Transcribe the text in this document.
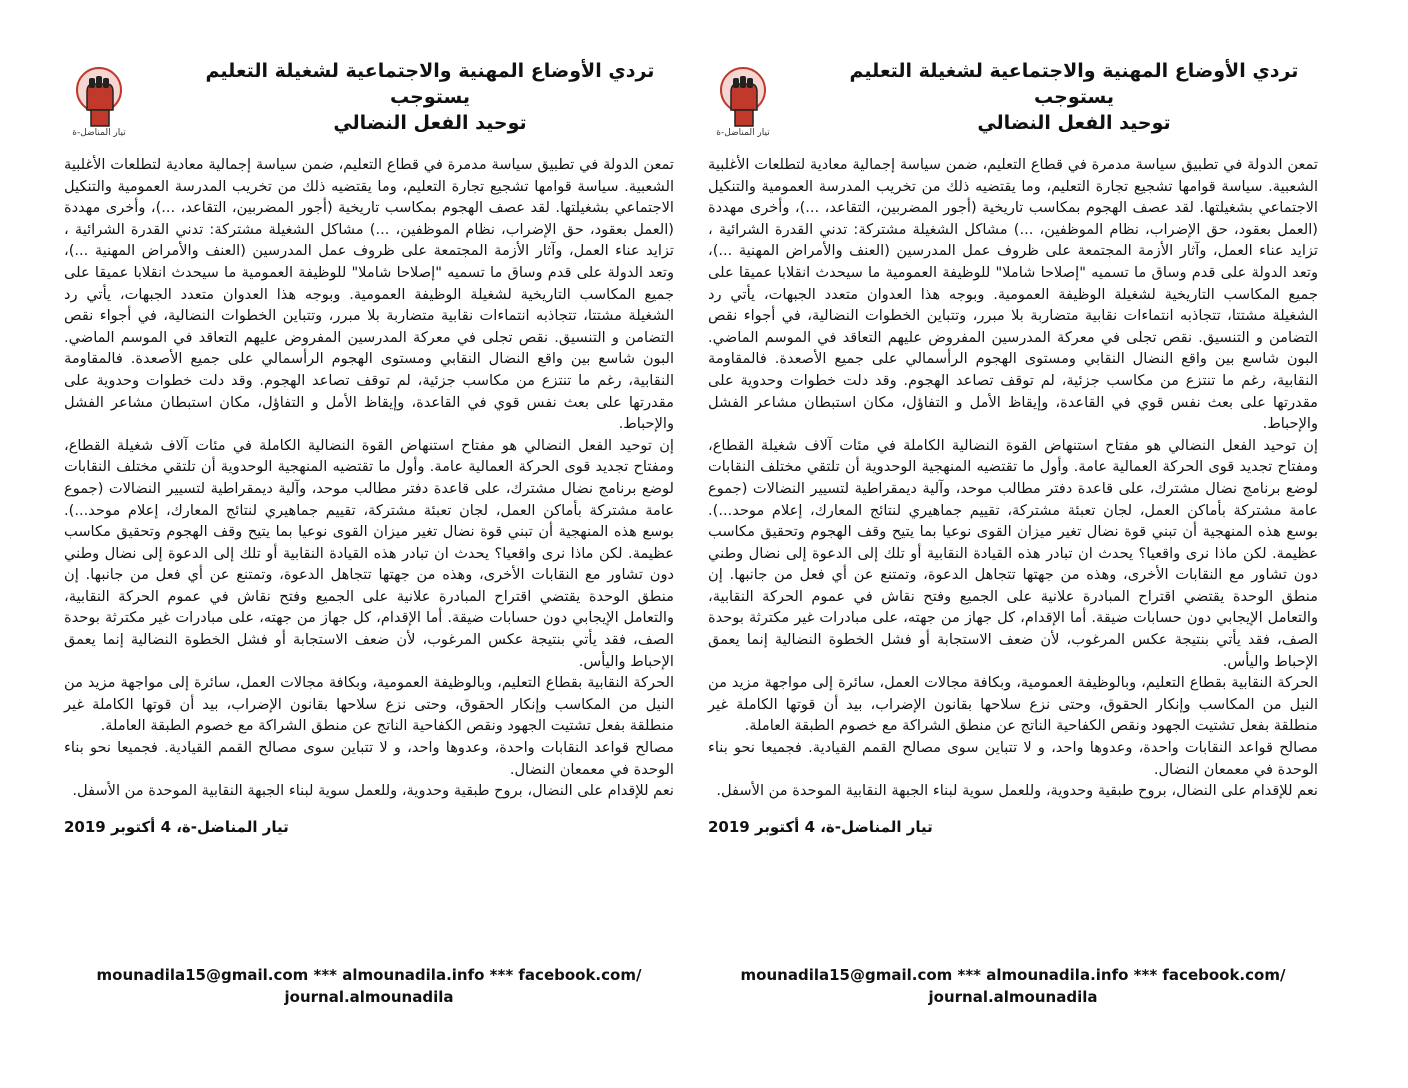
تردي الأوضاع المهنية والاجتماعية لشغيلة التعليم يستوجب
توحيد الفعل النضالي
تيار المناضل-ة

تمعن الدولة في تطبيق سياسة مدمرة في قطاع التعليم، ضمن سياسة إجمالية معادية لتطلعات الأغلبية الشعبية. سياسة قوامها تشجيع تجارة التعليم، وما يقتضيه ذلك من تخريب المدرسة العمومية والتنكيل الاجتماعي بشغيلتها. لقد عصف الهجوم بمكاسب تاريخية (أجور المضربين، التقاعد، ...)، وأخرى مهددة (العمل بعقود، حق الإضراب، نظام الموظفين، ...) مشاكل الشغيلة مشتركة: تدني القدرة الشرائية ، تزايد عناء العمل، وآثار الأزمة المجتمعة على ظروف عمل المدرسين (العنف والأمراض المهنية ...)، وتعد الدولة على قدم وساق ما تسميه "إصلاحا شاملا" للوظيفة العمومية ما سيحدث انقلابا عميقا على جميع المكاسب التاريخية لشغيلة الوظيفة العمومية. وبوجه هذا العدوان متعدد الجبهات، يأتي رد الشغيلة مشتتا، تتجاذبه انتماءات نقابية متضاربة بلا مبرر، وتتباين الخطوات النضالية، في أجواء نقص التضامن و التنسيق. نقص تجلى في معركة المدرسين المفروض عليهم التعاقد في الموسم الماضي. البون شاسع بين واقع النضال النقابي ومستوى الهجوم الرأسمالي على جميع الأصعدة. فالمقاومة النقابية، رغم ما تنتزع من مكاسب جزئية، لم توقف تصاعد الهجوم. وقد دلت خطوات وحدوية على مقدرتها على بعث نفس قوي في القاعدة، وإيقاظ الأمل و التفاؤل، مكان استبطان مشاعر الفشل والإحباط.

إن توحيد الفعل النضالي هو مفتاح استنهاض القوة النضالية الكاملة في مئات آلاف شغيلة القطاع، ومفتاح تجديد قوى الحركة العمالية عامة. وأول ما تقتضيه المنهجية الوحدوية أن تلتقي مختلف النقابات لوضع برنامج نضال مشترك، على قاعدة دفتر مطالب موحد، وآلية ديمقراطية لتسيير النضالات (جموع عامة مشتركة بأماكن العمل، لجان تعبئة مشتركة، تقييم جماهيري لنتائج المعارك، إعلام موحد...). بوسع هذه المنهجية أن تبني قوة نضال تغير ميزان القوى نوعيا بما يتيح وقف الهجوم وتحقيق مكاسب عظيمة. لكن ماذا نرى واقعيا؟ يحدث ان تبادر هذه القيادة النقابية أو تلك إلى الدعوة إلى نضال وطني دون تشاور مع النقابات الأخرى، وهذه من جهتها تتجاهل الدعوة، وتمتنع عن أي فعل من جانبها. إن منطق الوحدة يقتضي اقتراح المبادرة علانية على الجميع وفتح نقاش في عموم الحركة النقابية، والتعامل الإيجابي دون حسابات ضيقة. أما الإقدام، كل جهاز من جهته، على مبادرات غير مكترثة بوحدة الصف، فقد يأتي بنتيجة عكس المرغوب، لأن ضعف الاستجابة أو فشل الخطوة النضالية إنما يعمق الإحباط واليأس.

الحركة النقابية بقطاع التعليم، وبالوظيفة العمومية، وبكافة مجالات العمل، سائرة إلى مواجهة مزيد من النيل من المكاسب وإنكار الحقوق، وحتى نزع سلاحها بقانون الإضراب، بيد أن قوتها الكاملة غير منطلقة بفعل تشتيت الجهود ونقص الكفاحية الناتج عن منطق الشراكة مع خصوم الطبقة العاملة.

مصالح قواعد النقابات واحدة، وعدوها واحد، و لا تتباين سوى مصالح القمم القيادية. فجميعا نحو بناء الوحدة في معمعان النضال.

نعم للإقدام على النضال، بروح طبقية وحدوية، وللعمل سوية لبناء الجبهة النقابية الموحدة من الأسفل.

تيار المناضل-ة، 4 أكتوبر 2019
mounadila15@gmail.com *** almounadila.info *** facebook.com/
journal.almounadila
تردي الأوضاع المهنية والاجتماعية لشغيلة التعليم يستوجب
توحيد الفعل النضالي
تيار المناضل-ة

تمعن الدولة في تطبيق سياسة مدمرة في قطاع التعليم، ضمن سياسة إجمالية معادية لتطلعات الأغلبية الشعبية. سياسة قوامها تشجيع تجارة التعليم، وما يقتضيه ذلك من تخريب المدرسة العمومية والتنكيل الاجتماعي بشغيلتها. لقد عصف الهجوم بمكاسب تاريخية (أجور المضربين، التقاعد، ...)، وأخرى مهددة (العمل بعقود، حق الإضراب، نظام الموظفين، ...) مشاكل الشغيلة مشتركة: تدني القدرة الشرائية ، تزايد عناء العمل، وآثار الأزمة المجتمعة على ظروف عمل المدرسين (العنف والأمراض المهنية ...)، وتعد الدولة على قدم وساق ما تسميه "إصلاحا شاملا" للوظيفة العمومية ما سيحدث انقلابا عميقا على جميع المكاسب التاريخية لشغيلة الوظيفة العمومية. وبوجه هذا العدوان متعدد الجبهات، يأتي رد الشغيلة مشتتا، تتجاذبه انتماءات نقابية متضاربة بلا مبرر، وتتباين الخطوات النضالية، في أجواء نقص التضامن و التنسيق. نقص تجلى في معركة المدرسين المفروض عليهم التعاقد في الموسم الماضي. البون شاسع بين واقع النضال النقابي ومستوى الهجوم الرأسمالي على جميع الأصعدة. فالمقاومة النقابية، رغم ما تنتزع من مكاسب جزئية، لم توقف تصاعد الهجوم. وقد دلت خطوات وحدوية على مقدرتها على بعث نفس قوي في القاعدة، وإيقاظ الأمل و التفاؤل، مكان استبطان مشاعر الفشل والإحباط.

إن توحيد الفعل النضالي هو مفتاح استنهاض القوة النضالية الكاملة في مئات آلاف شغيلة القطاع، ومفتاح تجديد قوى الحركة العمالية عامة. وأول ما تقتضيه المنهجية الوحدوية أن تلتقي مختلف النقابات لوضع برنامج نضال مشترك، على قاعدة دفتر مطالب موحد، وآلية ديمقراطية لتسيير النضالات (جموع عامة مشتركة بأماكن العمل، لجان تعبئة مشتركة، تقييم جماهيري لنتائج المعارك، إعلام موحد...). بوسع هذه المنهجية أن تبني قوة نضال تغير ميزان القوى نوعيا بما يتيح وقف الهجوم وتحقيق مكاسب عظيمة. لكن ماذا نرى واقعيا؟ يحدث ان تبادر هذه القيادة النقابية أو تلك إلى الدعوة إلى نضال وطني دون تشاور مع النقابات الأخرى، وهذه من جهتها تتجاهل الدعوة، وتمتنع عن أي فعل من جانبها. إن منطق الوحدة يقتضي اقتراح المبادرة علانية على الجميع وفتح نقاش في عموم الحركة النقابية، والتعامل الإيجابي دون حسابات ضيقة. أما الإقدام، كل جهاز من جهته، على مبادرات غير مكترثة بوحدة الصف، فقد يأتي بنتيجة عكس المرغوب، لأن ضعف الاستجابة أو فشل الخطوة النضالية إنما يعمق الإحباط واليأس.

الحركة النقابية بقطاع التعليم، وبالوظيفة العمومية، وبكافة مجالات العمل، سائرة إلى مواجهة مزيد من النيل من المكاسب وإنكار الحقوق، وحتى نزع سلاحها بقانون الإضراب، بيد أن قوتها الكاملة غير منطلقة بفعل تشتيت الجهود ونقص الكفاحية الناتج عن منطق الشراكة مع خصوم الطبقة العاملة.

مصالح قواعد النقابات واحدة، وعدوها واحد، و لا تتباين سوى مصالح القمم القيادية. فجميعا نحو بناء الوحدة في معمعان النضال.

نعم للإقدام على النضال، بروح طبقية وحدوية، وللعمل سوية لبناء الجبهة النقابية الموحدة من الأسفل.

تيار المناضل-ة، 4 أكتوبر 2019
mounadila15@gmail.com *** almounadila.info *** facebook.com/
journal.almounadila
